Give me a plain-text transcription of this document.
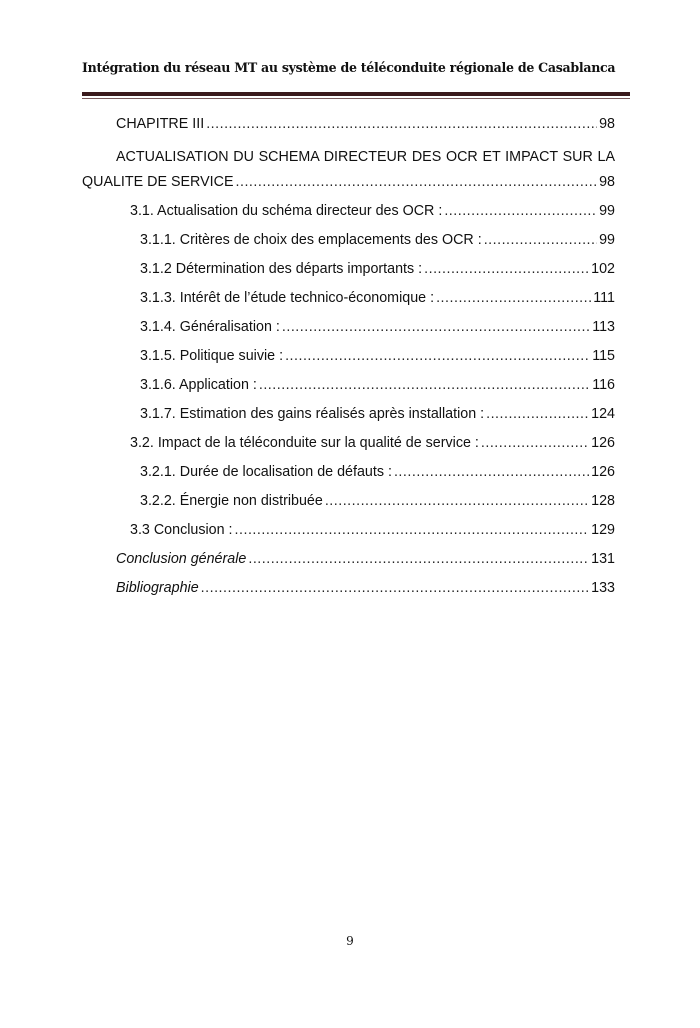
Intégration du réseau MT au système de téléconduite régionale de Casablanca
CHAPITRE III .....	98
ACTUALISATION DU SCHEMA DIRECTEUR DES OCR ET IMPACT SUR LA
QUALITE DE SERVICE .....	98
3.1. Actualisation du schéma directeur des OCR : .....	99
3.1.1. Critères de choix des emplacements des OCR : .....	99
3.1.2 Détermination des départs importants : .....	102
3.1.3. Intérêt de l’étude technico-économique : .....	111
3.1.4. Généralisation : .....	113
3.1.5. Politique suivie : .....	115
3.1.6. Application : .....	116
3.1.7. Estimation des gains réalisés après installation : .....	124
3.2. Impact de la téléconduite sur la qualité de service : .....	126
3.2.1. Durée de localisation de défauts : .....	126
3.2.2. Énergie non distribuée .....	128
3.3 Conclusion : .....	129
Conclusion générale .....	131
Bibliographie .....	133
9
